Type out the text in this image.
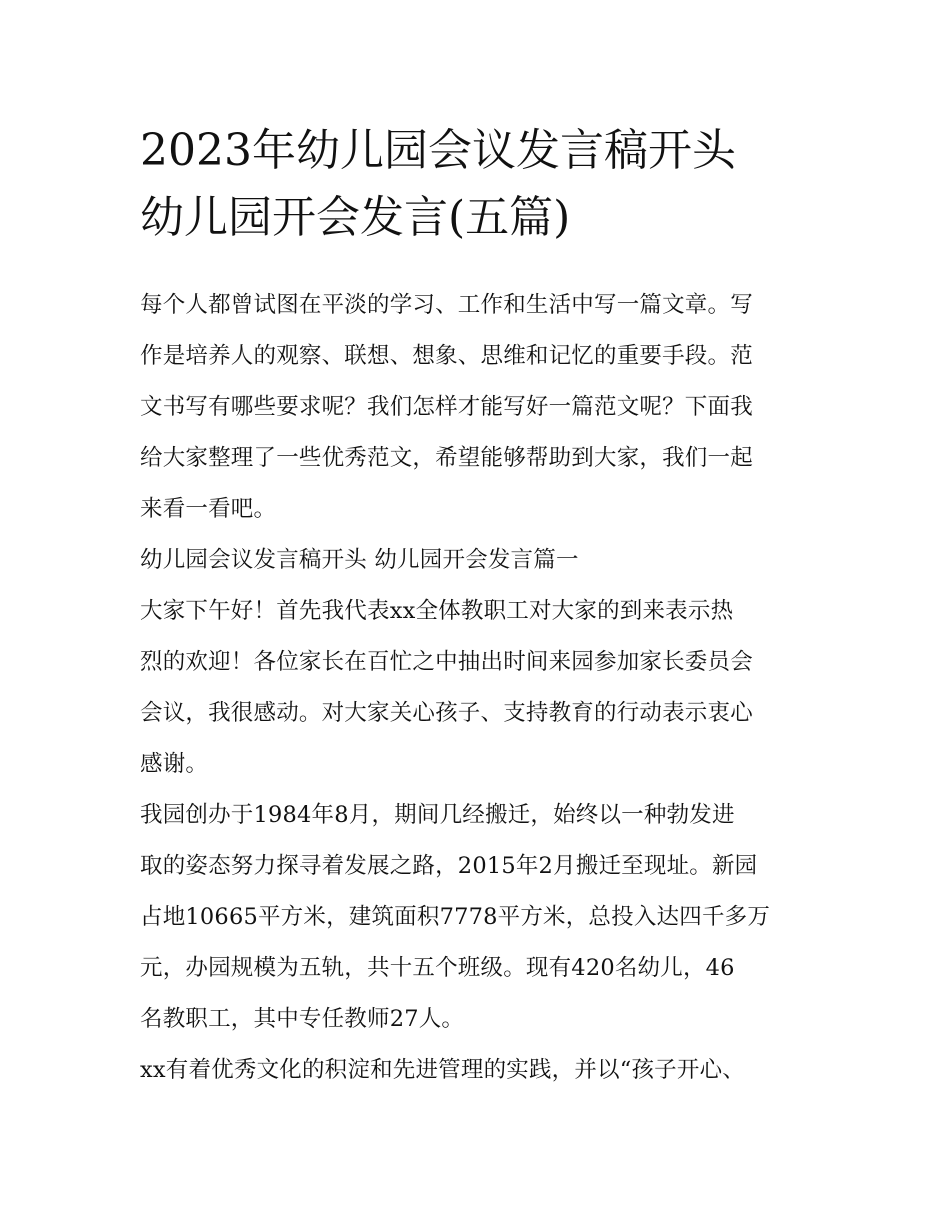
2023年幼儿园会议发言稿开头
幼儿园开会发言(五篇)
每个人都曾试图在平淡的学习、工作和生活中写一篇文章。写
作是培养人的观察、联想、想象、思维和记忆的重要手段。范
文书写有哪些要求呢？我们怎样才能写好一篇范文呢？下面我
给大家整理了一些优秀范文，希望能够帮助到大家，我们一起
来看一看吧。
幼儿园会议发言稿开头 幼儿园开会发言篇一
大家下午好！首先我代表xx全体教职工对大家的到来表示热
烈的欢迎！各位家长在百忙之中抽出时间来园参加家长委员会
会议，我很感动。对大家关心孩子、支持教育的行动表示衷心
感谢。
我园创办于1984年8月，期间几经搬迁，始终以一种勃发进
取的姿态努力探寻着发展之路，2015年2月搬迁至现址。新园
占地10665平方米，建筑面积7778平方米，总投入达四千多万
元，办园规模为五轨，共十五个班级。现有420名幼儿，46
名教职工，其中专任教师27人。
xx有着优秀文化的积淀和先进管理的实践，并以“孩子开心、
